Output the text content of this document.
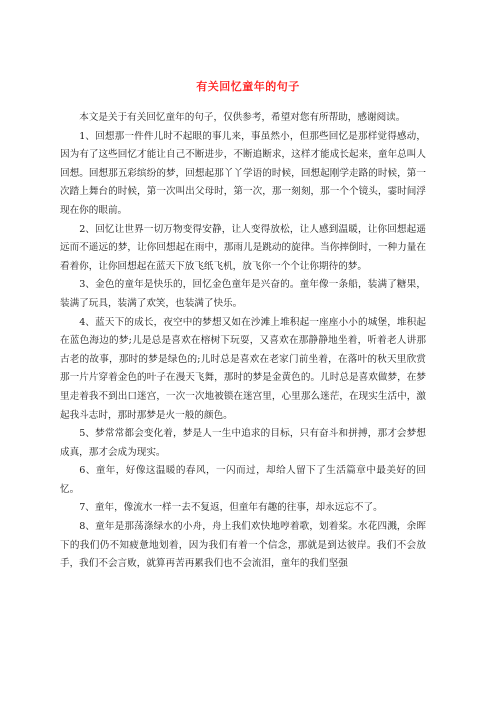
有关回忆童年的句子

本文是关于有关回忆童年的句子，仅供参考，希望对您有所帮助，感谢阅读。

1、回想那一件件儿时不起眼的事儿来，事虽然小，但那些回忆是那样觉得感动，因为有了这些回忆才能让自己不断进步，不断追断求，这样才能成长起来，童年总叫人回想。回想那五彩缤纷的梦，回想起那丫丫学语的时候，回想起刚学走路的时候，第一次踏上舞台的时候，第一次叫出父母时，第一次，那一刻刻，那一个个镜头，霎时间浮现在你的眼前。

2、回忆让世界一切万物变得安静，让人变得放松，让人感到温暖，让你回想起遥远而不遥远的梦，让你回想起在雨中，那雨儿是跳动的旋律。当你摔倒时，一种力量在看着你，让你回想起在蓝天下放飞纸飞机，放飞你一个个让你期待的梦。

3、金色的童年是快乐的，回忆金色童年是兴奋的。童年像一条船，装满了糖果，装满了玩具，装满了欢笑，也装满了快乐。

4、蓝天下的成长，夜空中的梦想又如在沙滩上堆积起一座座小小的城堡，堆积起在蓝色海边的梦;儿是总是喜欢在榕树下玩耍，又喜欢在那静静地坐着，听着老人讲那古老的故事，那时的梦是绿色的;儿时总是喜欢在老家门前坐着，在落叶的秋天里欣赏那一片片穿着金色的叶子在漫天飞舞，那时的梦是金黄色的。儿时总是喜欢做梦，在梦里走着我不到出口迷宫，一次一次地被锁在迷宫里，心里那么迷茫，在现实生活中，激起我斗志时，那时那梦是火一般的颜色。

5、梦常常都会变化着，梦是人一生中追求的目标，只有奋斗和拼搏，那才会梦想成真，那才会成为现实。

6、童年，好像这温暖的春风，一闪而过，却给人留下了生活篇章中最美好的回忆。

7、童年，像流水一样一去不复返，但童年有趣的往事，却永远忘不了。

8、童年是那荡涤绿水的小舟，舟上我们欢快地哼着歌，划着桨。水花四溅，余晖下的我们仍不知疲惫地划着，因为我们有着一个信念，那就是到达彼岸。我们不会放手，我们不会言败，就算再苦再累我们也不会流泪，童年的我们坚强
